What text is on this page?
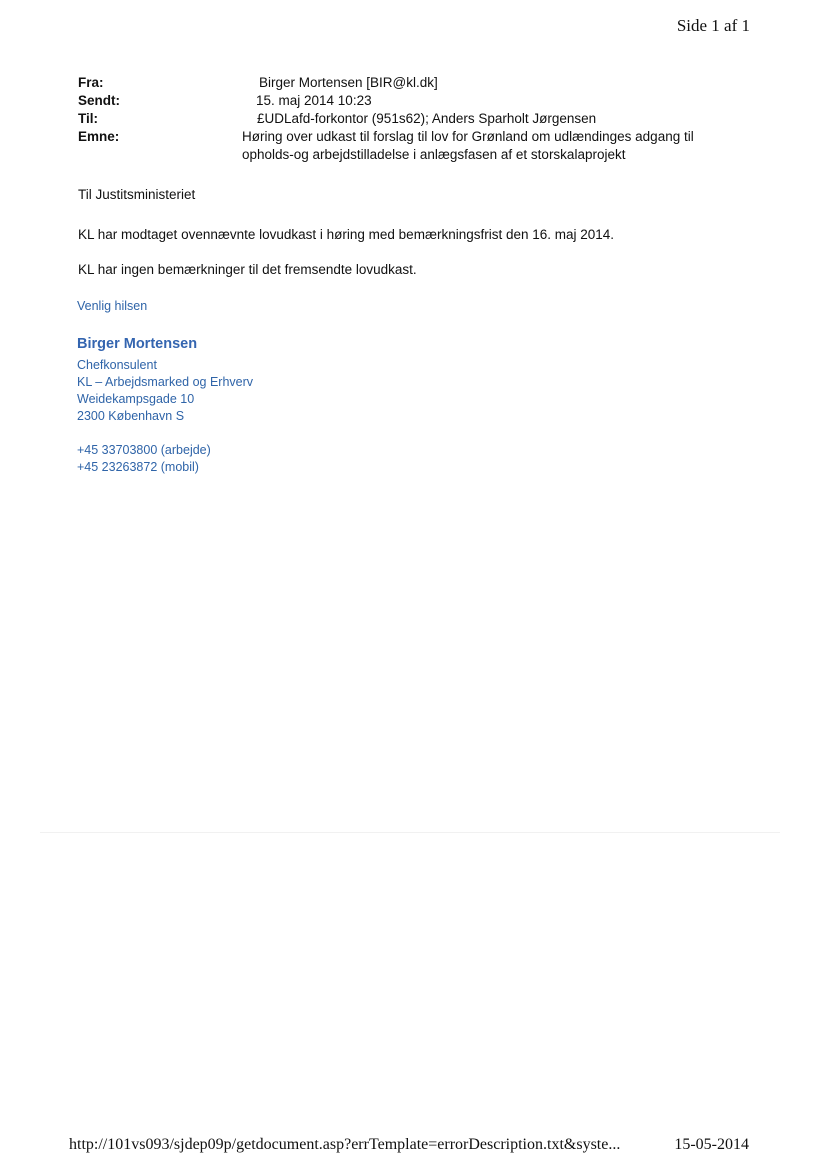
Side 1 af 1
Fra:	Birger Mortensen [BIR@kl.dk]
Sendt:	15. maj 2014 10:23
Til:	£UDLafd-forkontor (951s62); Anders Sparholt Jørgensen
Emne:	Høring over udkast til forslag til lov for Grønland om udlændinges adgang til opholds-og arbejdstilladelse i anlægsfasen af et storskalaprojekt
Til Justitsministeriet
KL har modtaget ovennævnte lovudkast i høring med bemærkningsfrist den 16. maj 2014.
KL har ingen bemærkninger til det fremsendte lovudkast.
Venlig hilsen
Birger Mortensen
Chefkonsulent
KL – Arbejdsmarked og Erhverv
Weidekampsgade 10
2300 København S
+45 33703800 (arbejde)
+45 23263872 (mobil)
http://101vs093/sjdep09p/getdocument.asp?errTemplate=errorDescription.txt&syste...	15-05-2014
